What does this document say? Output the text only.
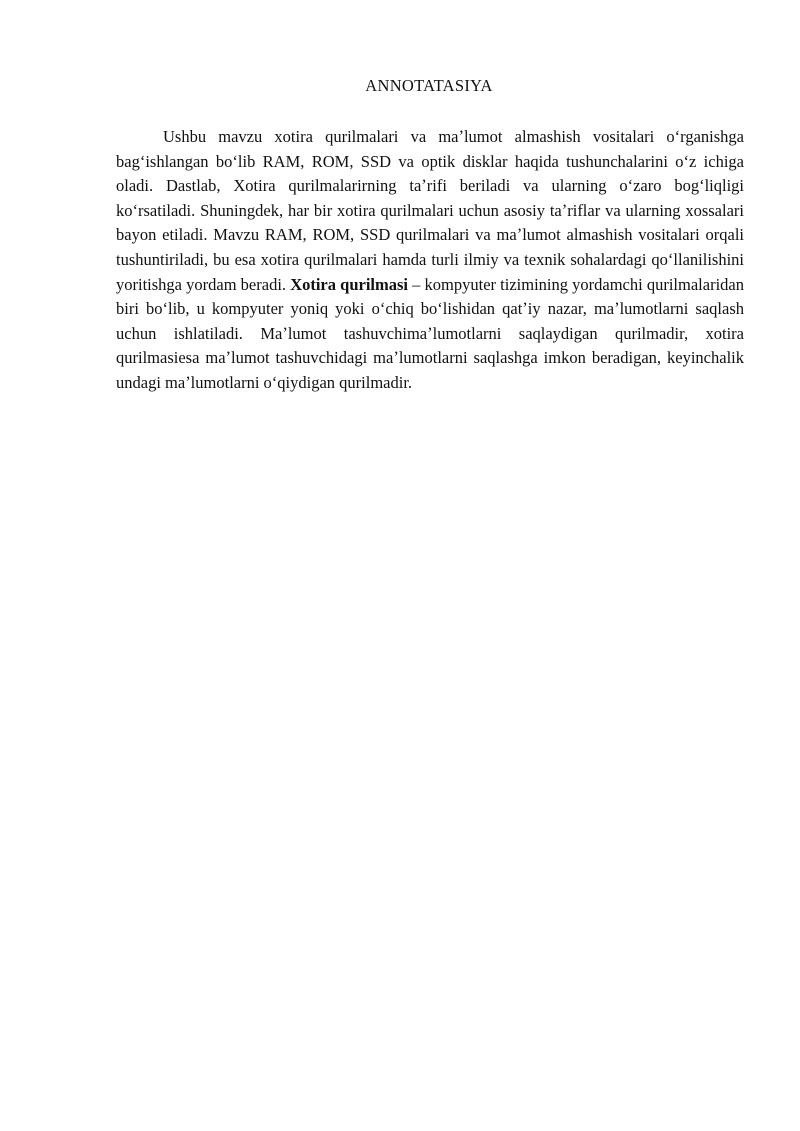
ANNOTATASIYA

Ushbu mavzu xotira qurilmalari va maʼlumot almashish vositalari oʻrganishga bagʻishlangan boʻlib RAM, ROM, SSD va optik disklar haqida tushunchalarini oʻz ichiga oladi. Dastlab, Xotira qurilmalarirning taʼrifi beriladi va ularning oʻzaro bogʻliqligi koʻrsatiladi. Shuningdek, har bir xotira qurilmalari uchun asosiy taʼriflar va ularning xossalari bayon etiladi. Mavzu RAM, ROM, SSD qurilmalari va maʼlumot almashish vositalari orqali tushuntiriladi, bu esa xotira qurilmalari hamda turli ilmiy va texnik sohalardagi qoʻllanilishini yoritishga yordam beradi. Xotira qurilmasi – kompyuter tizimining yordamchi qurilmalaridan biri boʻlib, u kompyuter yoniq yoki oʻchiq boʻlishidan qatʼiy nazar, maʼlumotlarni saqlash uchun ishlatiladi. Maʼlumot tashuvchimaʼlumotlarni saqlaydigan qurilmadir, xotira qurilmasiesa maʼlumot tashuvchidagi maʼlumotlarni saqlashga imkon beradigan, keyinchalik undagi maʼlumotlarni oʻqiydigan qurilmadir.
